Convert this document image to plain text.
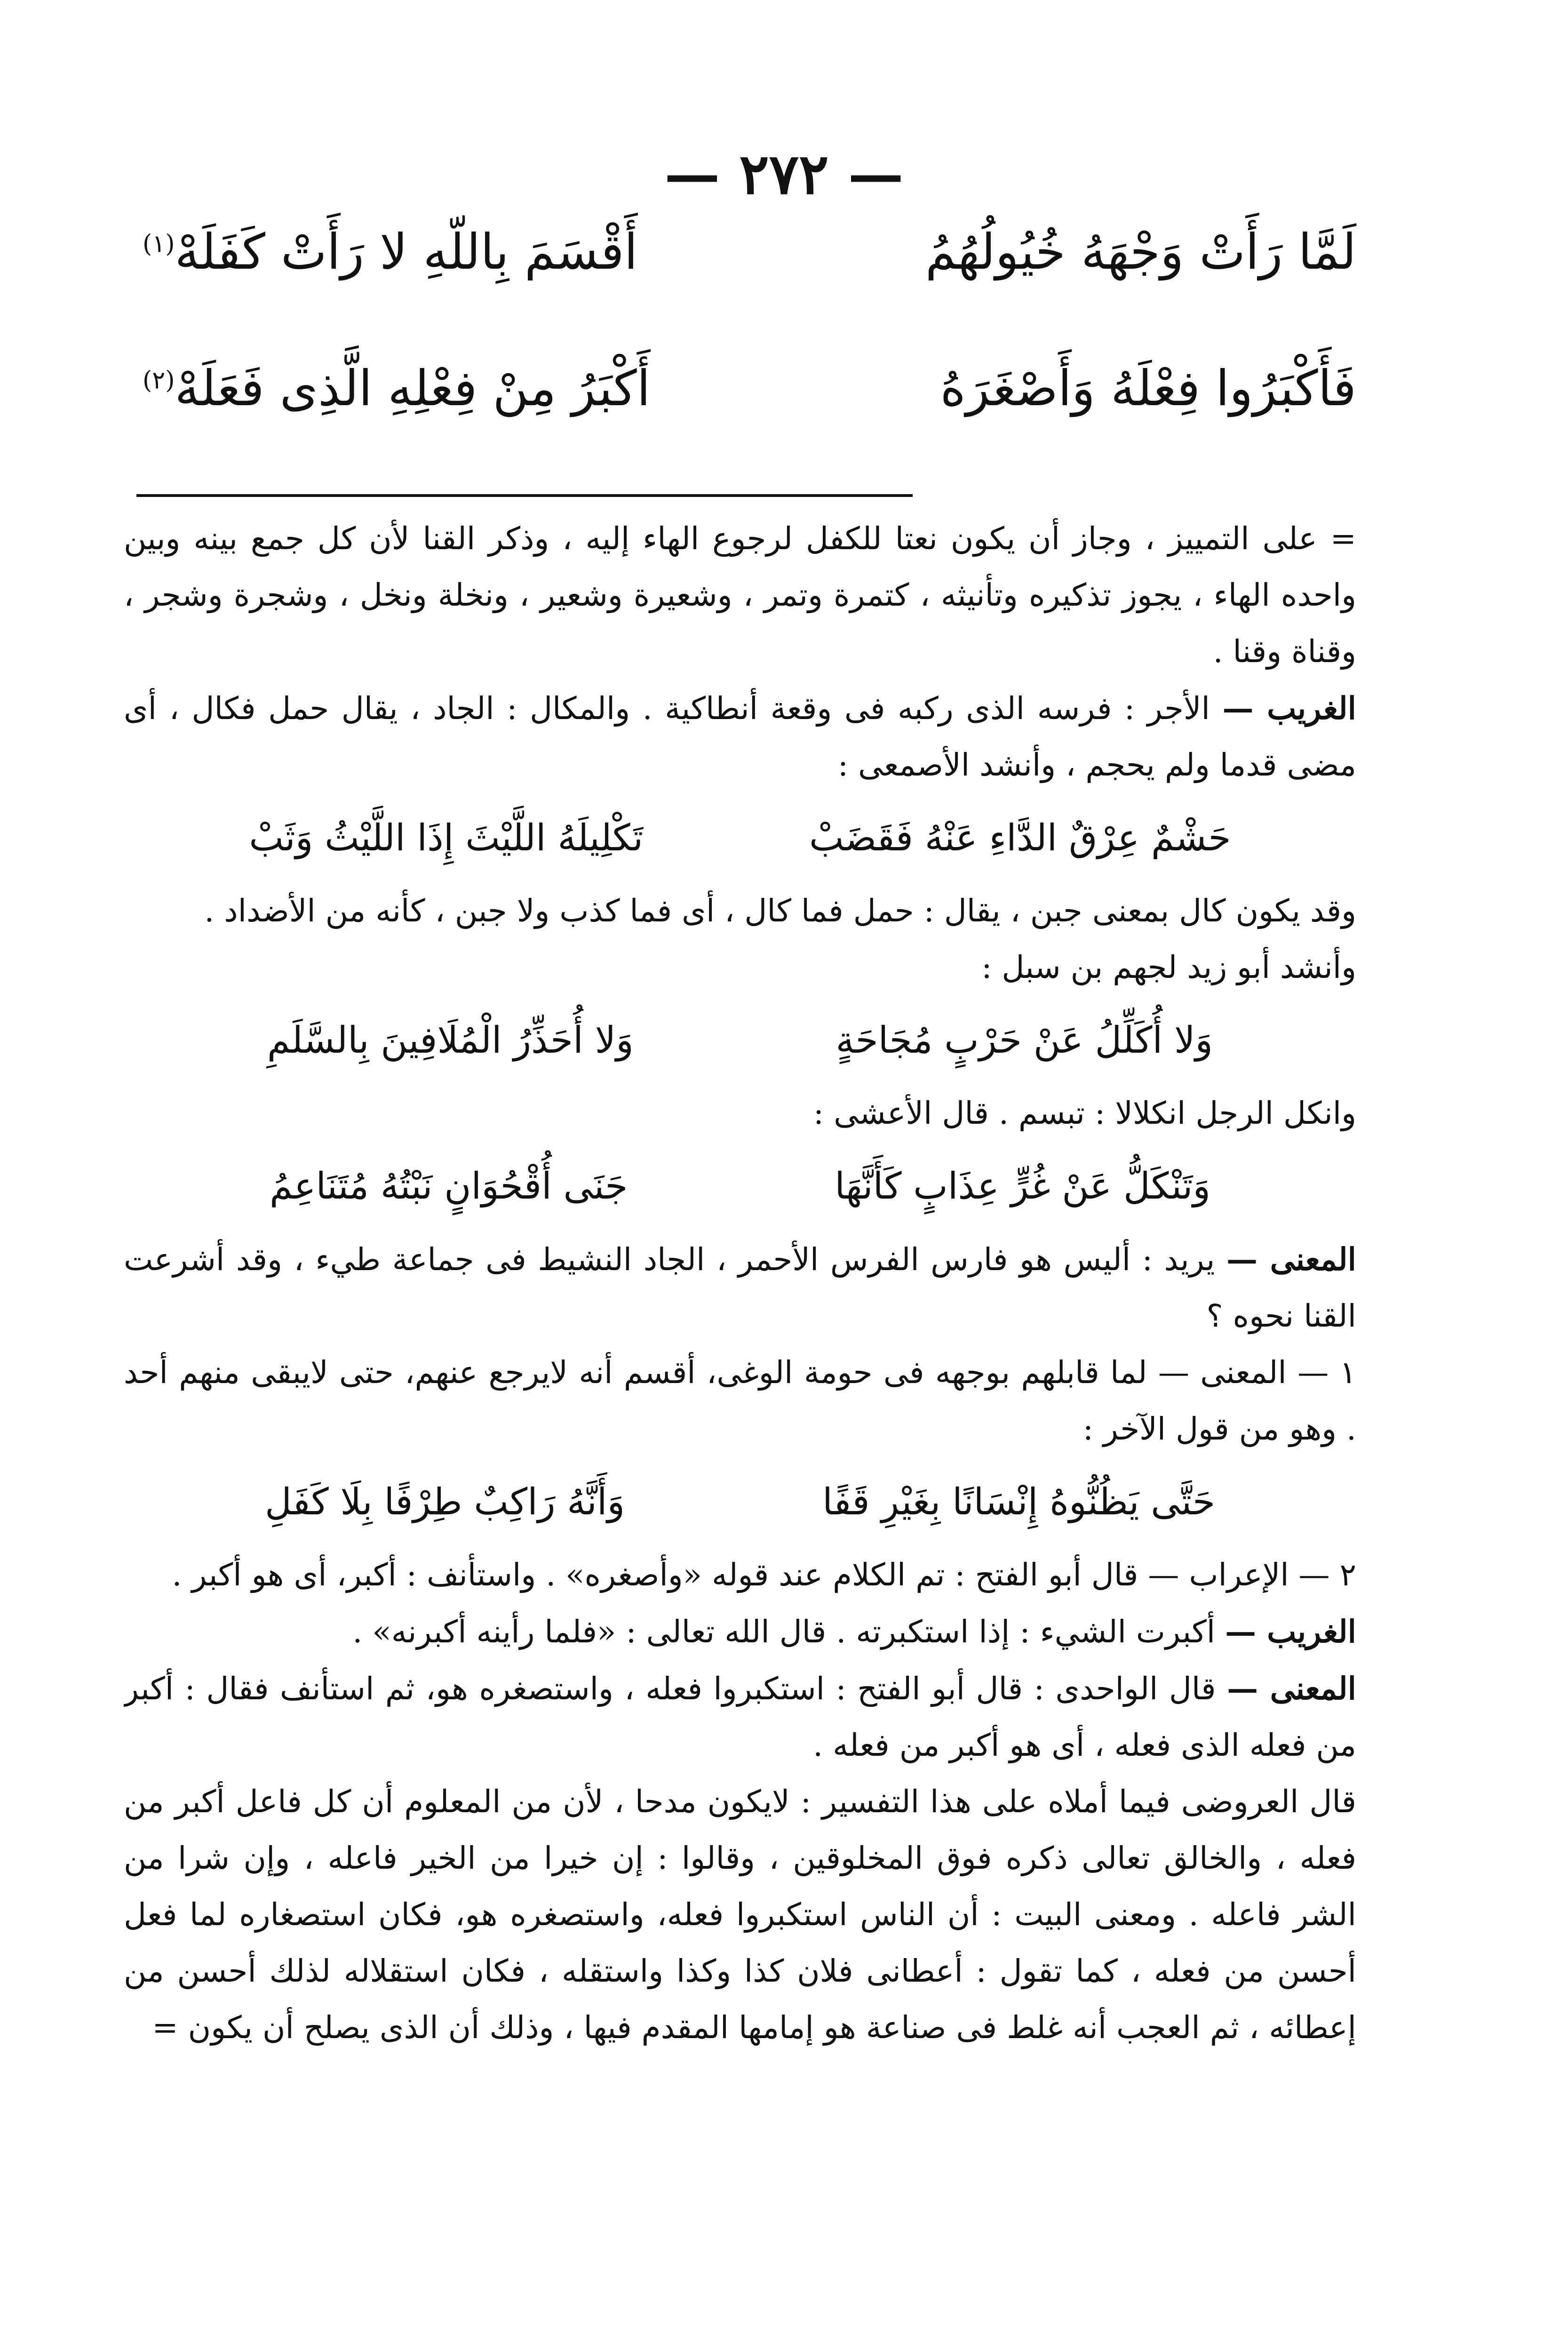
— ٢٧٢ —
لَمَّا رَأَتْ وَجْهَهُ خُيُولُهُمُ
أَقْسَمَ بِاللّهِ لا رَأَتْ كَفَلَهْ$^{(١)}$
فَأَكْبَرُوا فِعْلَهُ وَأَصْغَرَهُ
أَكْبَرُ مِنْ فِعْلِهِ الَّذِى فَعَلَهْ$^{(٢)}$

= على التمييز ، وجاز أن يكون نعتا للكفل لرجوع الهاء إليه ، وذكر القنا لأن كل جمع بينه وبين واحده الهاء ، يجوز تذكيره وتأنيثه ، كتمرة وتمر ، وشعيرة وشعير ، ونخلة ونخل ، وشجرة وشجر ، وقناة وقنا .

الغريب — الأجر : فرسه الذى ركبه فى وقعة أنطاكية . والمكال : الجاد ، يقال حمل فكال ، أى مضى قدما ولم يحجم ، وأنشد الأصمعى :

حَشْمٌ عِرْقٌ الدَّاءِ عَنْهُ فَقَضَبْ
تَكْلِيلَهُ اللَّيْثَ إِذَا اللَّيْثُ وَثَبْ

وقد يكون كال بمعنى جبن ، يقال : حمل فما كال ، أى فما كذب ولا جبن ، كأنه من الأضداد .

وأنشد أبو زيد لجهم بن سبل :

وَلا أُكَلِّلُ عَنْ حَرْبٍ مُجَاحَةٍ
وَلا أُحَذِّرُ الْمُلَافِينَ بِالسَّلَمِ

وانكل الرجل انكلالا : تبسم . قال الأعشى :

وَتَنْكَلُّ عَنْ غُرٍّ عِذَابٍ كَأَنَّهَا
جَنَى أُقْحُوَانٍ نَبْتُهُ مُتَنَاعِمُ

المعنى — يريد : أليس هو فارس الفرس الأحمر ، الجاد النشيط فى جماعة طيء ، وقد أشرعت القنا نحوه ؟

١ — المعنى — لما قابلهم بوجهه فى حومة الوغى، أقسم أنه لايرجع عنهم، حتى لايبقى منهم أحد . وهو من قول الآخر :

حَتَّى يَظُنُّوهُ إِنْسَانًا بِغَيْرِ قَفًا
وَأَنَّهُ رَاكِبٌ طِرْفًا بِلَا كَفَلِ

٢ — الإعراب — قال أبو الفتح : تم الكلام عند قوله «وأصغره» . واستأنف : أكبر، أى هو أكبر .

الغريب — أكبرت الشيء : إذا استكبرته . قال الله تعالى : «فلما رأينه أكبرنه» .

المعنى — قال الواحدى : قال أبو الفتح : استكبروا فعله ، واستصغره هو، ثم استأنف فقال : أكبر من فعله الذى فعله ، أى هو أكبر من فعله .

قال العروضى فيما أملاه على هذا التفسير : لايكون مدحا ، لأن من المعلوم أن كل فاعل أكبر من فعله ، والخالق تعالى ذكره فوق المخلوقين ، وقالوا : إن خيرا من الخير فاعله ، وإن شرا من الشر فاعله . ومعنى البيت : أن الناس استكبروا فعله، واستصغره هو، فكان استصغاره لما فعل أحسن من فعله ، كما تقول : أعطانى فلان كذا وكذا واستقله ، فكان استقلاله لذلك أحسن من إعطائه ، ثم العجب أنه غلط فى صناعة هو إمامها المقدم فيها ، وذلك أن الذى يصلح أن يكون =
